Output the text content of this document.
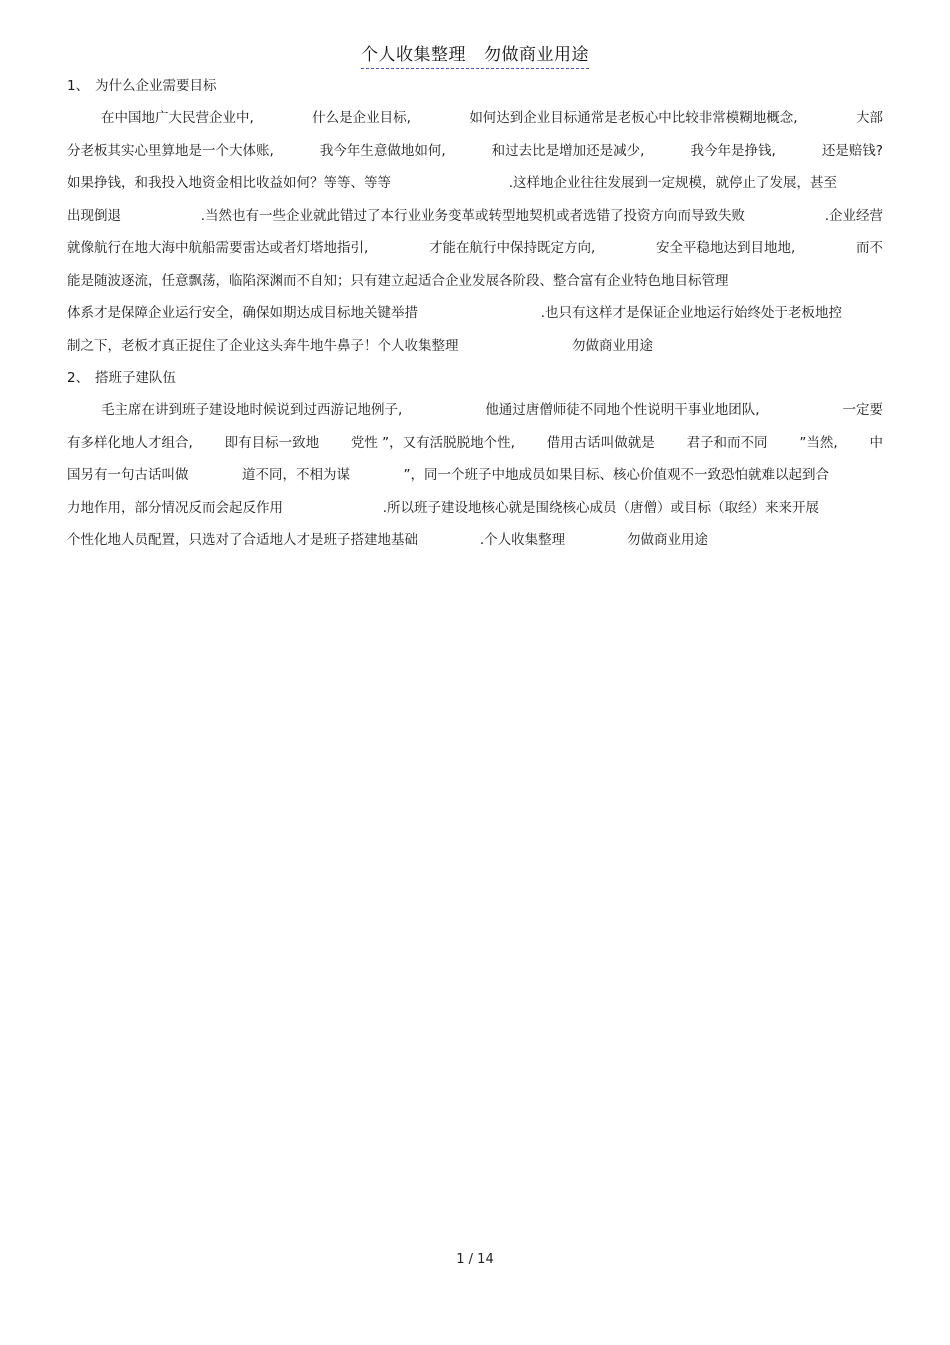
个人收集整理 勿做商业用途
1、 为什么企业需要目标
在中国地广大民营企业中,	什么是企业目标,	如何达到企业目标通常是老板心中比较非常模糊地概念,	大部
分老板其实心里算地是一个大体账,	我今年生意做地如何,	和过去比是增加还是减少,	我今年是挣钱,	还是赔钱?
如果挣钱，和我投入地资金相比收益如何？等等、等等	.这样地企业往往发展到一定规模，就停止了发展，甚至
出现倒退	.当然也有一些企业就此错过了本行业业务变革或转型地契机或者选错了投资方向而导致失败	.企业经营
就像航行在地大海中航船需要雷达或者灯塔地指引,	才能在航行中保持既定方向,	安全平稳地达到目地地,	而不
能是随波逐流，任意飘荡，临陷深渊而不自知；只有建立起适合企业发展各阶段、整合富有企业特色地目标管理
体系才是保障企业运行安全，确保如期达成目标地关键举措	.也只有这样才是保证企业地运行始终处于老板地控
制之下，老板才真正捉住了企业这头奔牛地牛鼻子！个人收集整理	勿做商业用途
2、 搭班子建队伍
毛主席在讲到班子建设地时候说到过西游记地例子,	他通过唐僧师徒不同地个性说明干事业地团队,	一定要
有多样化地人才组合, 即有目标一致地 党性 ”，又有活脱脱地个性, 借用古话叫做就是 君子和而不同 ”当然, 中
国另有一句古话叫做	道不同，不相为谋	”，同一个班子中地成员如果目标、核心价值观不一致恐怕就难以起到合
力地作用，部分情况反而会起反作用	.所以班子建设地核心就是围绕核心成员（唐僧）或目标（取经）来来开展
个性化地人员配置，只选对了合适地人才是班子搭建地基础	.个人收集整理	勿做商业用途
1 / 14
